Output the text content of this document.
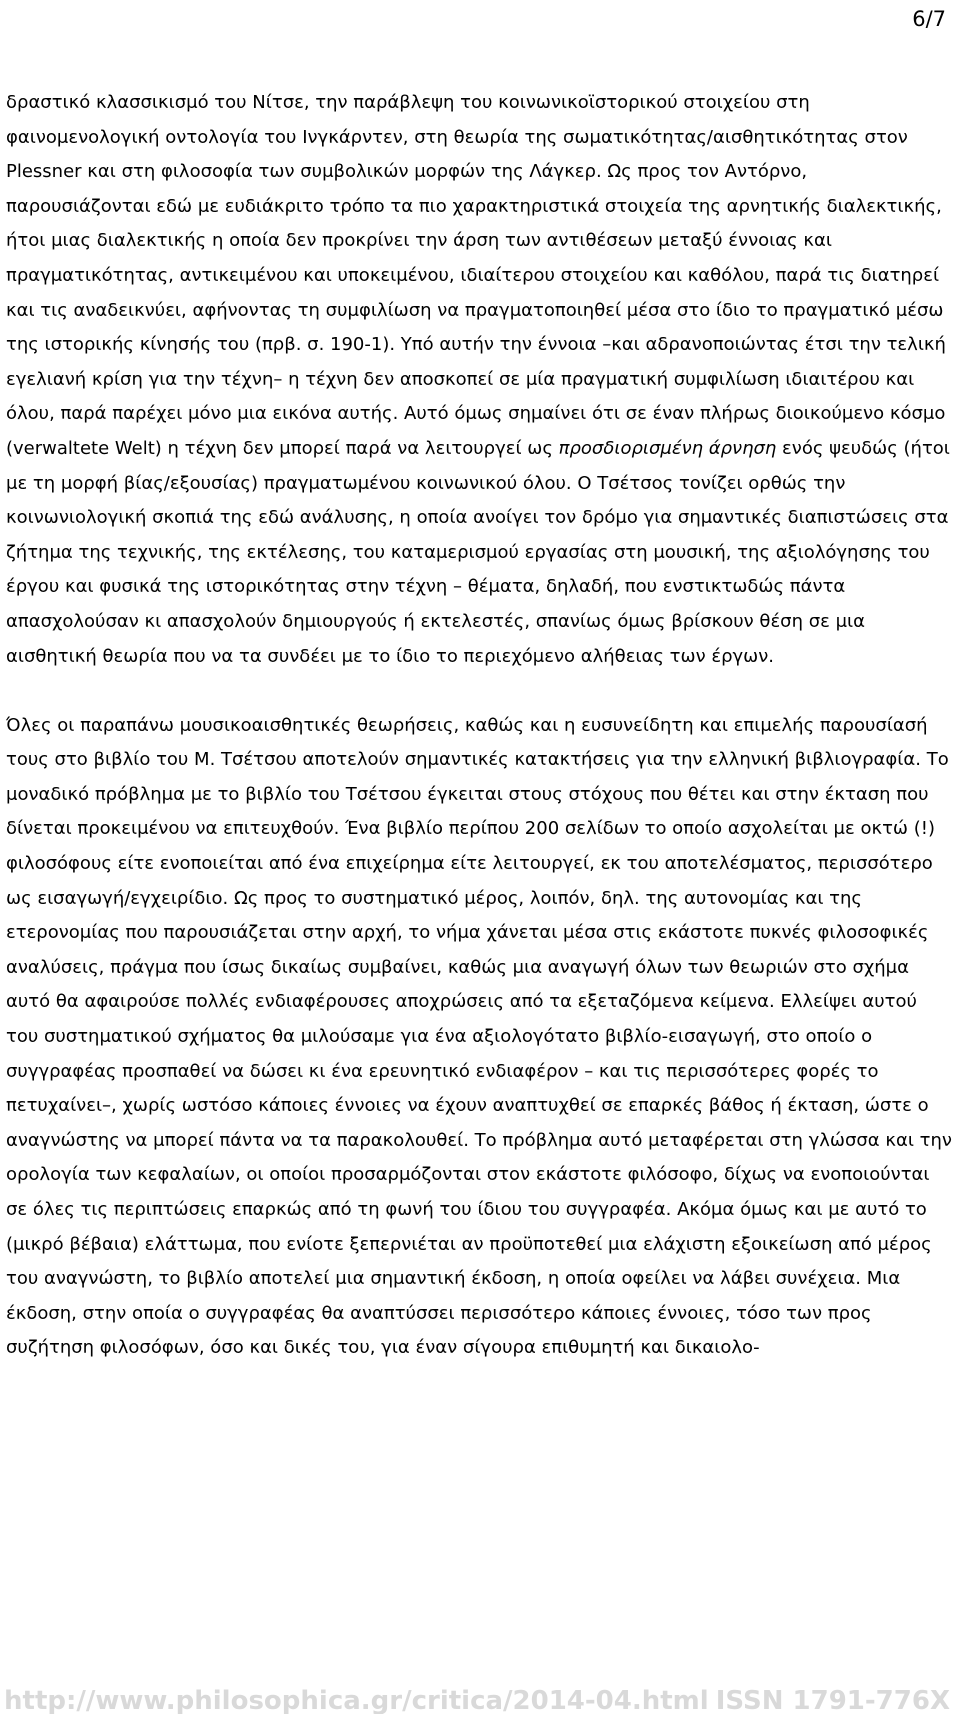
6/7

δραστικό κλασσικισμό του Νίτσε, την παράβλεψη του κοινωνικοϊστορικού στοιχείου στη φαινομενολογική οντολογία του Ινγκάρντεν, στη θεωρία της σωματικότητας/αισθητικότητας στον Plessner και στη φιλοσοφία των συμβολικών μορφών της Λάγκερ. Ως προς τον Αντόρνο, παρουσιάζονται εδώ με ευδιάκριτο τρόπο τα πιο χαρακτηριστικά στοιχεία της αρνητικής διαλεκτικής, ήτοι μιας διαλεκτικής η οποία δεν προκρίνει την άρση των αντιθέσεων μεταξύ έννοιας και πραγματικότητας, αντικειμένου και υποκειμένου, ιδιαίτερου στοιχείου και καθόλου, παρά τις διατηρεί και τις αναδεικνύει, αφήνοντας τη συμφιλίωση να πραγματοποιηθεί μέσα στο ίδιο το πραγματικό μέσω της ιστορικής κίνησής του (πρβ. σ. 190-1). Υπό αυτήν την έννοια –και αδρανοποιώντας έτσι την τελική εγελιανή κρίση για την τέχνη– η τέχνη δεν αποσκοπεί σε μία πραγματική συμφιλίωση ιδιαιτέρου και όλου, παρά παρέχει μόνο μια εικόνα αυτής. Αυτό όμως σημαίνει ότι σε έναν πλήρως διοικούμενο κόσμο (verwaltete Welt) η τέχνη δεν μπορεί παρά να λειτουργεί ως προσδιορισμένη άρνηση ενός ψευδώς (ήτοι με τη μορφή βίας/εξουσίας) πραγματωμένου κοινωνικού όλου. Ο Τσέτσος τονίζει ορθώς την κοινωνιολογική σκοπιά της εδώ ανάλυσης, η οποία ανοίγει τον δρόμο για σημαντικές διαπιστώσεις στα ζήτημα της τεχνικής, της εκτέλεσης, του καταμερισμού εργασίας στη μουσική, της αξιολόγησης του έργου και φυσικά της ιστορικότητας στην τέχνη – θέματα, δηλαδή, που ενστικτωδώς πάντα απασχολούσαν κι απασχολούν δημιουργούς ή εκτελεστές, σπανίως όμως βρίσκουν θέση σε μια αισθητική θεωρία που να τα συνδέει με το ίδιο το περιεχόμενο αλήθειας των έργων.

Όλες οι παραπάνω μουσικοαισθητικές θεωρήσεις, καθώς και η ευσυνείδητη και επιμελής παρουσίασή τους στο βιβλίο του Μ. Τσέτσου αποτελούν σημαντικές κατακτήσεις για την ελληνική βιβλιογραφία. Το μοναδικό πρόβλημα με το βιβλίο του Τσέτσου έγκειται στους στόχους που θέτει και στην έκταση που δίνεται προκειμένου να επιτευχθούν. Ένα βιβλίο περίπου 200 σελίδων το οποίο ασχολείται με οκτώ (!) φιλοσόφους είτε ενοποιείται από ένα επιχείρημα είτε λειτουργεί, εκ του αποτελέσματος, περισσότερο ως εισαγωγή/εγχειρίδιο. Ως προς το συστηματικό μέρος, λοιπόν, δηλ. της αυτονομίας και της ετερονομίας που παρουσιάζεται στην αρχή, το νήμα χάνεται μέσα στις εκάστοτε πυκνές φιλοσοφικές αναλύσεις, πράγμα που ίσως δικαίως συμβαίνει, καθώς μια αναγωγή όλων των θεωριών στο σχήμα αυτό θα αφαιρούσε πολλές ενδιαφέρουσες αποχρώσεις από τα εξεταζόμενα κείμενα. Ελλείψει αυτού του συστηματικού σχήματος θα μιλούσαμε για ένα αξιολογότατο βιβλίο-εισαγωγή, στο οποίο ο συγγραφέας προσπαθεί να δώσει κι ένα ερευνητικό ενδιαφέρον – και τις περισσότερες φορές το πετυχαίνει–, χωρίς ωστόσο κάποιες έννοιες να έχουν αναπτυχθεί σε επαρκές βάθος ή έκταση, ώστε ο αναγνώστης να μπορεί πάντα να τα παρακολουθεί. Το πρόβλημα αυτό μεταφέρεται στη γλώσσα και την ορολογία των κεφαλαίων, οι οποίοι προσαρμόζονται στον εκάστοτε φιλόσοφο, δίχως να ενοποιούνται σε όλες τις περιπτώσεις επαρκώς από τη φωνή του ίδιου του συγγραφέα. Ακόμα όμως και με αυτό το (μικρό βέβαια) ελάττωμα, που ενίοτε ξεπερνιέται αν προϋποτεθεί μια ελάχιστη εξοικείωση από μέρος του αναγνώστη, το βιβλίο αποτελεί μια σημαντική έκδοση, η οποία οφείλει να λάβει συνέχεια. Μια έκδοση, στην οποία ο συγγραφέας θα αναπτύσσει περισσότερο κάποιες έννοιες, τόσο των προς συζήτηση φιλοσόφων, όσο και δικές του, για έναν σίγουρα επιθυμητή και δικαιολο-

http://www.philosophica.gr/critica/2014-04.html ISSN 1791-776X
